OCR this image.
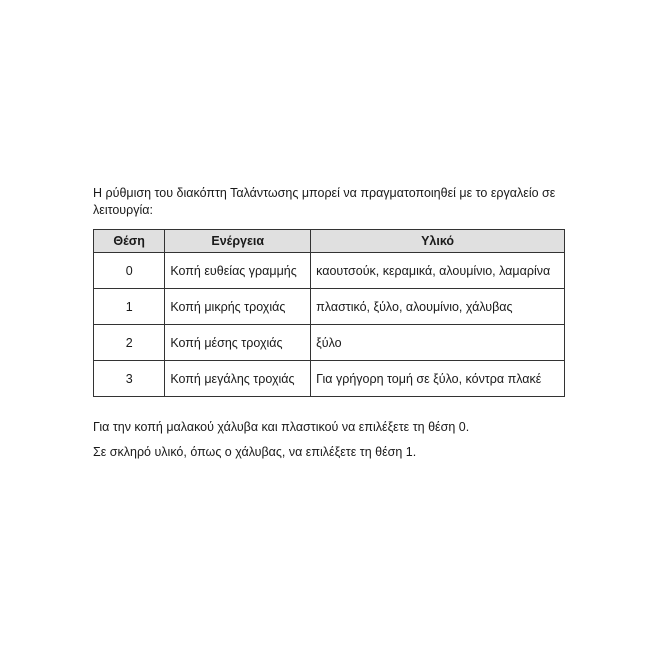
Η ρύθμιση του διακόπτη Ταλάντωσης μπορεί να πραγματοποιηθεί με το εργαλείο σε λειτουργία:

Θέση	Ενέργεια	Υλικό
0	Κοπή ευθείας γραμμής	καουτσούκ, κεραμικά, αλουμίνιο, λαμαρίνα
1	Κοπή μικρής τροχιάς	πλαστικό, ξύλο, αλουμίνιο, χάλυβας
2	Κοπή μέσης τροχιάς	ξύλο
3	Κοπή μεγάλης τροχιάς	Για γρήγορη τομή σε ξύλο, κόντρα πλακέ

Για την κοπή μαλακού χάλυβα και πλαστικού να επιλέξετε τη θέση 0.

Σε σκληρό υλικό, όπως ο χάλυβας, να επιλέξετε τη θέση 1.
